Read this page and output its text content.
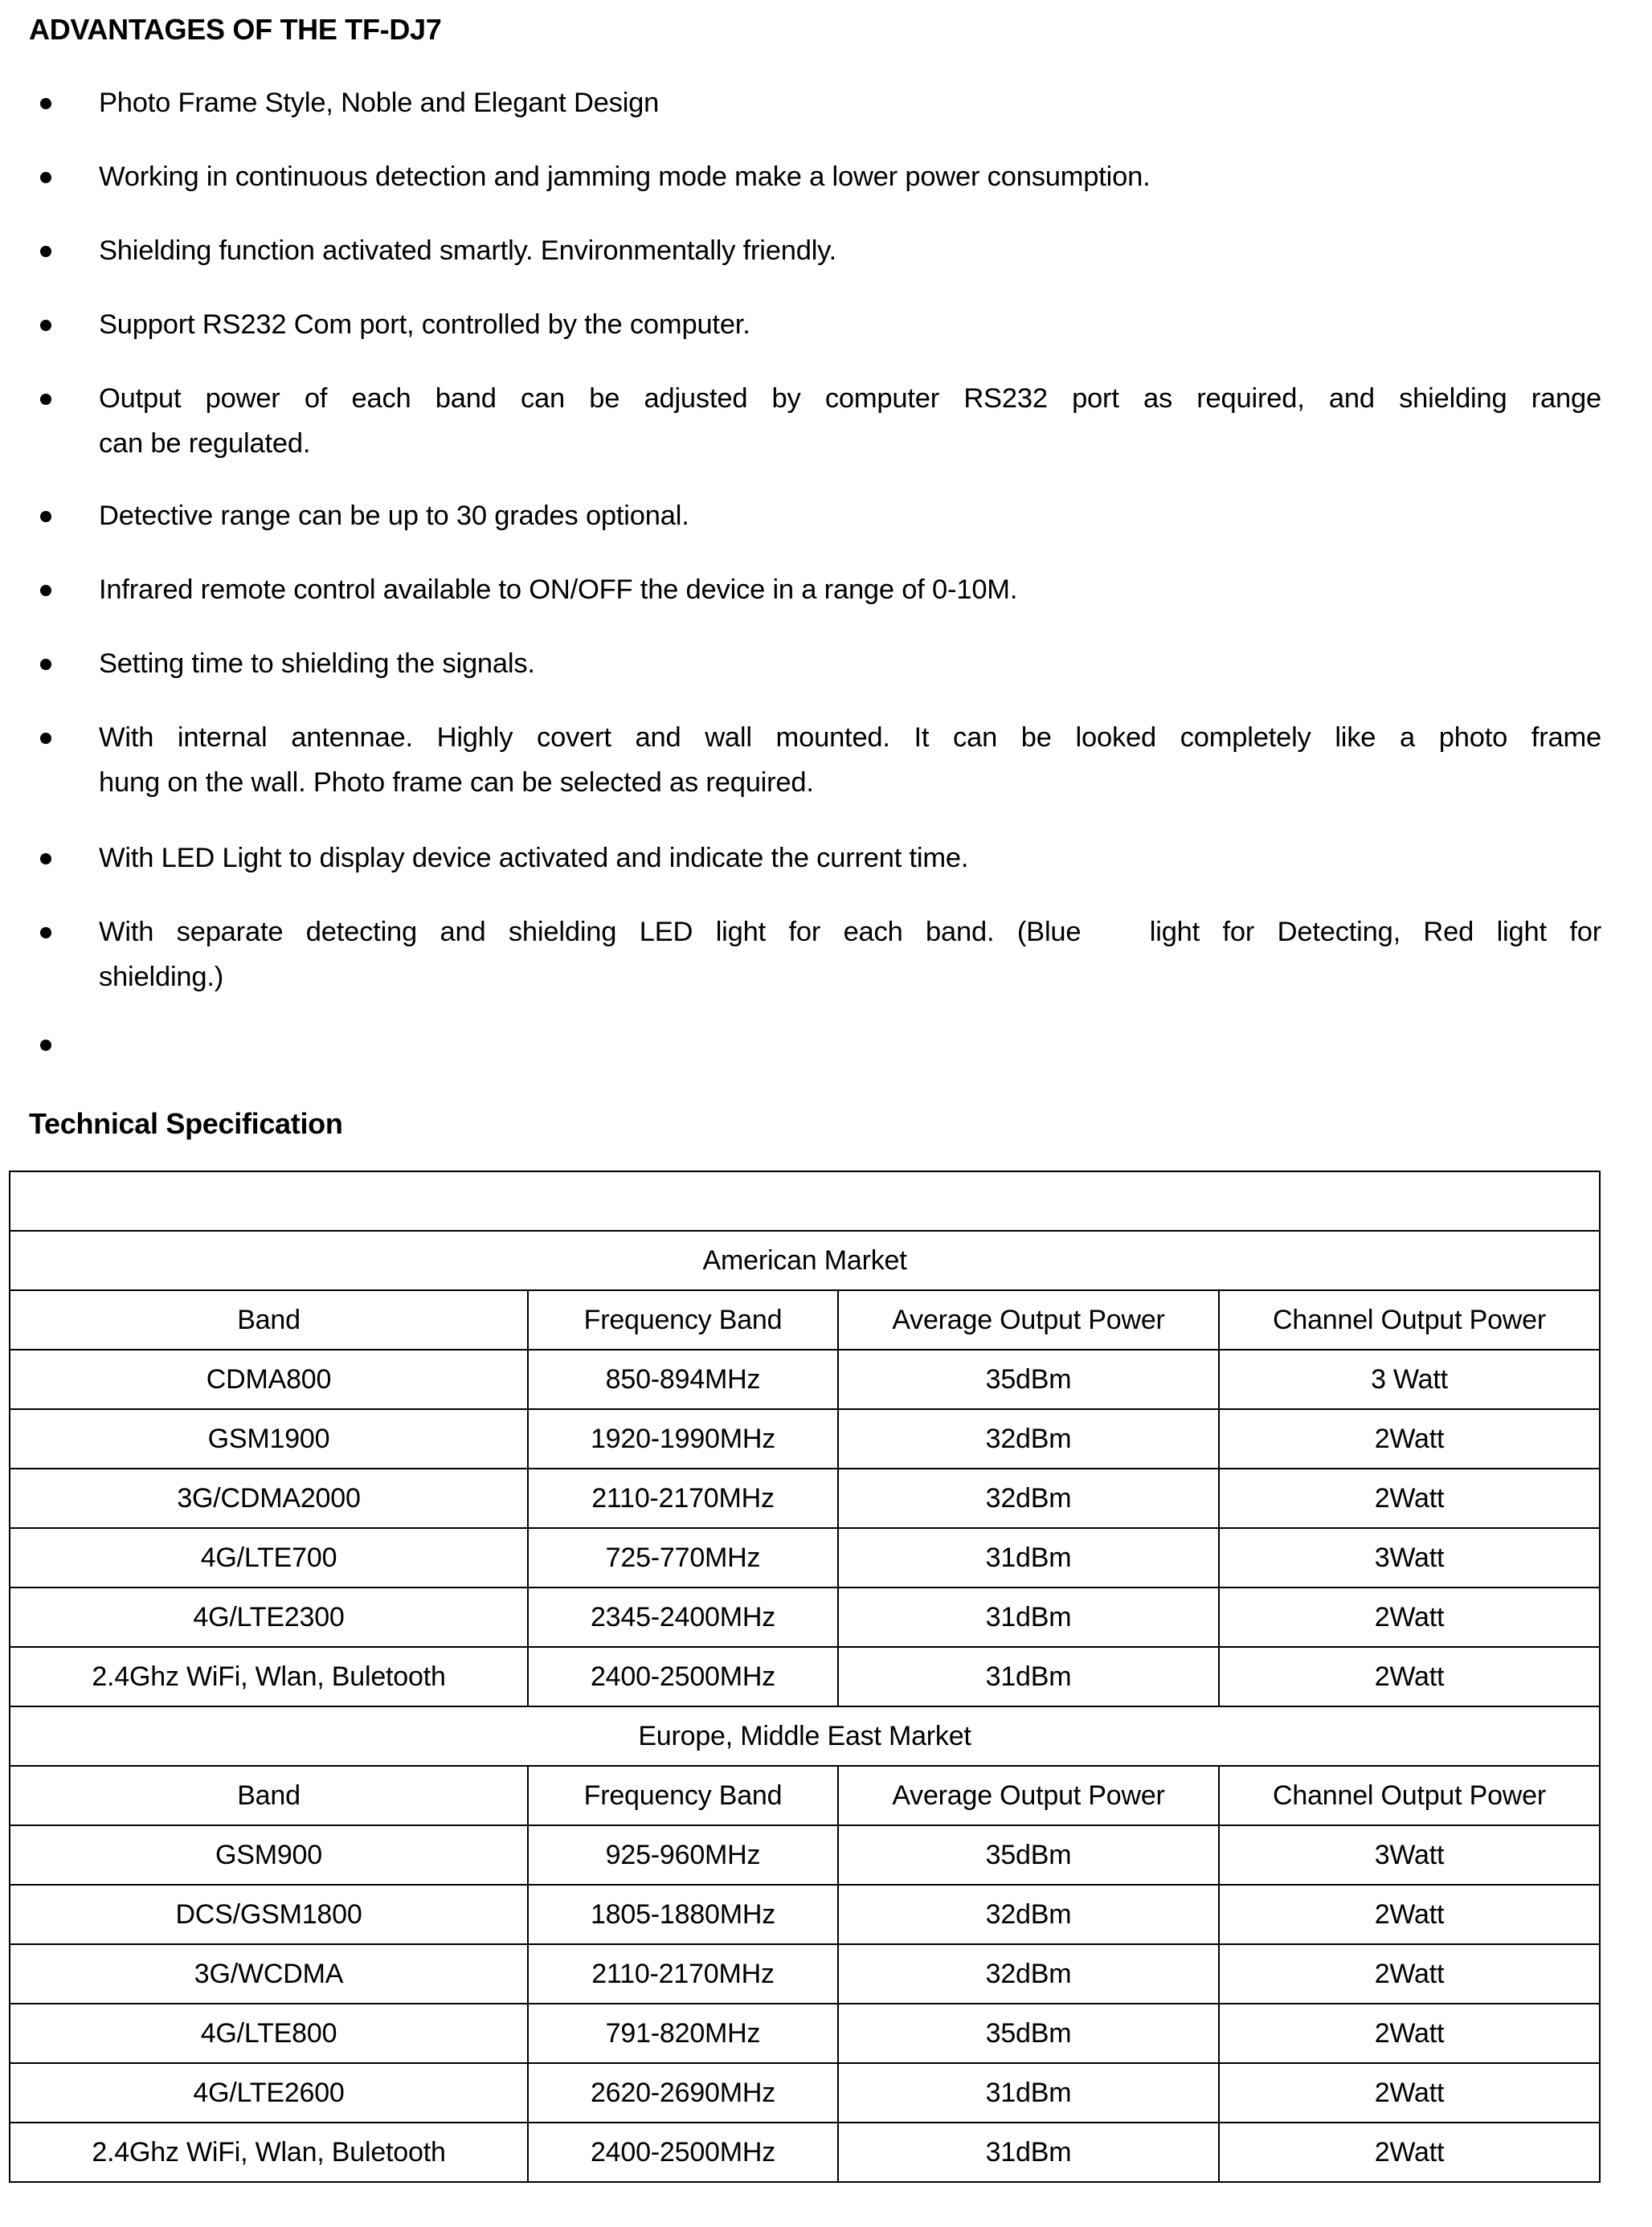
ADVANTAGES OF THE TF-DJ7
Photo Frame Style, Noble and Elegant Design
Working in continuous detection and jamming mode make a lower power consumption.
Shielding function activated smartly. Environmentally friendly.
Support RS232 Com port, controlled by the computer.
Output power of each band can be adjusted by computer RS232 port as required, and shielding range
can be regulated.
Detective range can be up to 30 grades optional.
Infrared remote control available to ON/OFF the device in a range of 0-10M.
Setting time to shielding the signals.
With internal antennae. Highly covert and wall mounted. It can be looked completely like a photo frame
hung on the wall. Photo frame can be selected as required.
With LED Light to display device activated and indicate the current time.
With separate detecting and shielding LED light for each band. (Blue   light for Detecting, Red light for
shielding.)
Technical Specification

American Market			
Band	Frequency Band	Average Output Power	Channel Output Power
CDMA800	850-894MHz	35dBm	3 Watt
GSM1900	1920-1990MHz	32dBm	2Watt
3G/CDMA2000	2110-2170MHz	32dBm	2Watt
4G/LTE700	725-770MHz	31dBm	3Watt
4G/LTE2300	2345-2400MHz	31dBm	2Watt
2.4Ghz WiFi, Wlan, Buletooth	2400-2500MHz	31dBm	2Watt
Europe, Middle East Market			
Band	Frequency Band	Average Output Power	Channel Output Power
GSM900	925-960MHz	35dBm	3Watt
DCS/GSM1800	1805-1880MHz	32dBm	2Watt
3G/WCDMA	2110-2170MHz	32dBm	2Watt
4G/LTE800	791-820MHz	35dBm	2Watt
4G/LTE2600	2620-2690MHz	31dBm	2Watt
2.4Ghz WiFi, Wlan, Buletooth	2400-2500MHz	31dBm	2Watt
